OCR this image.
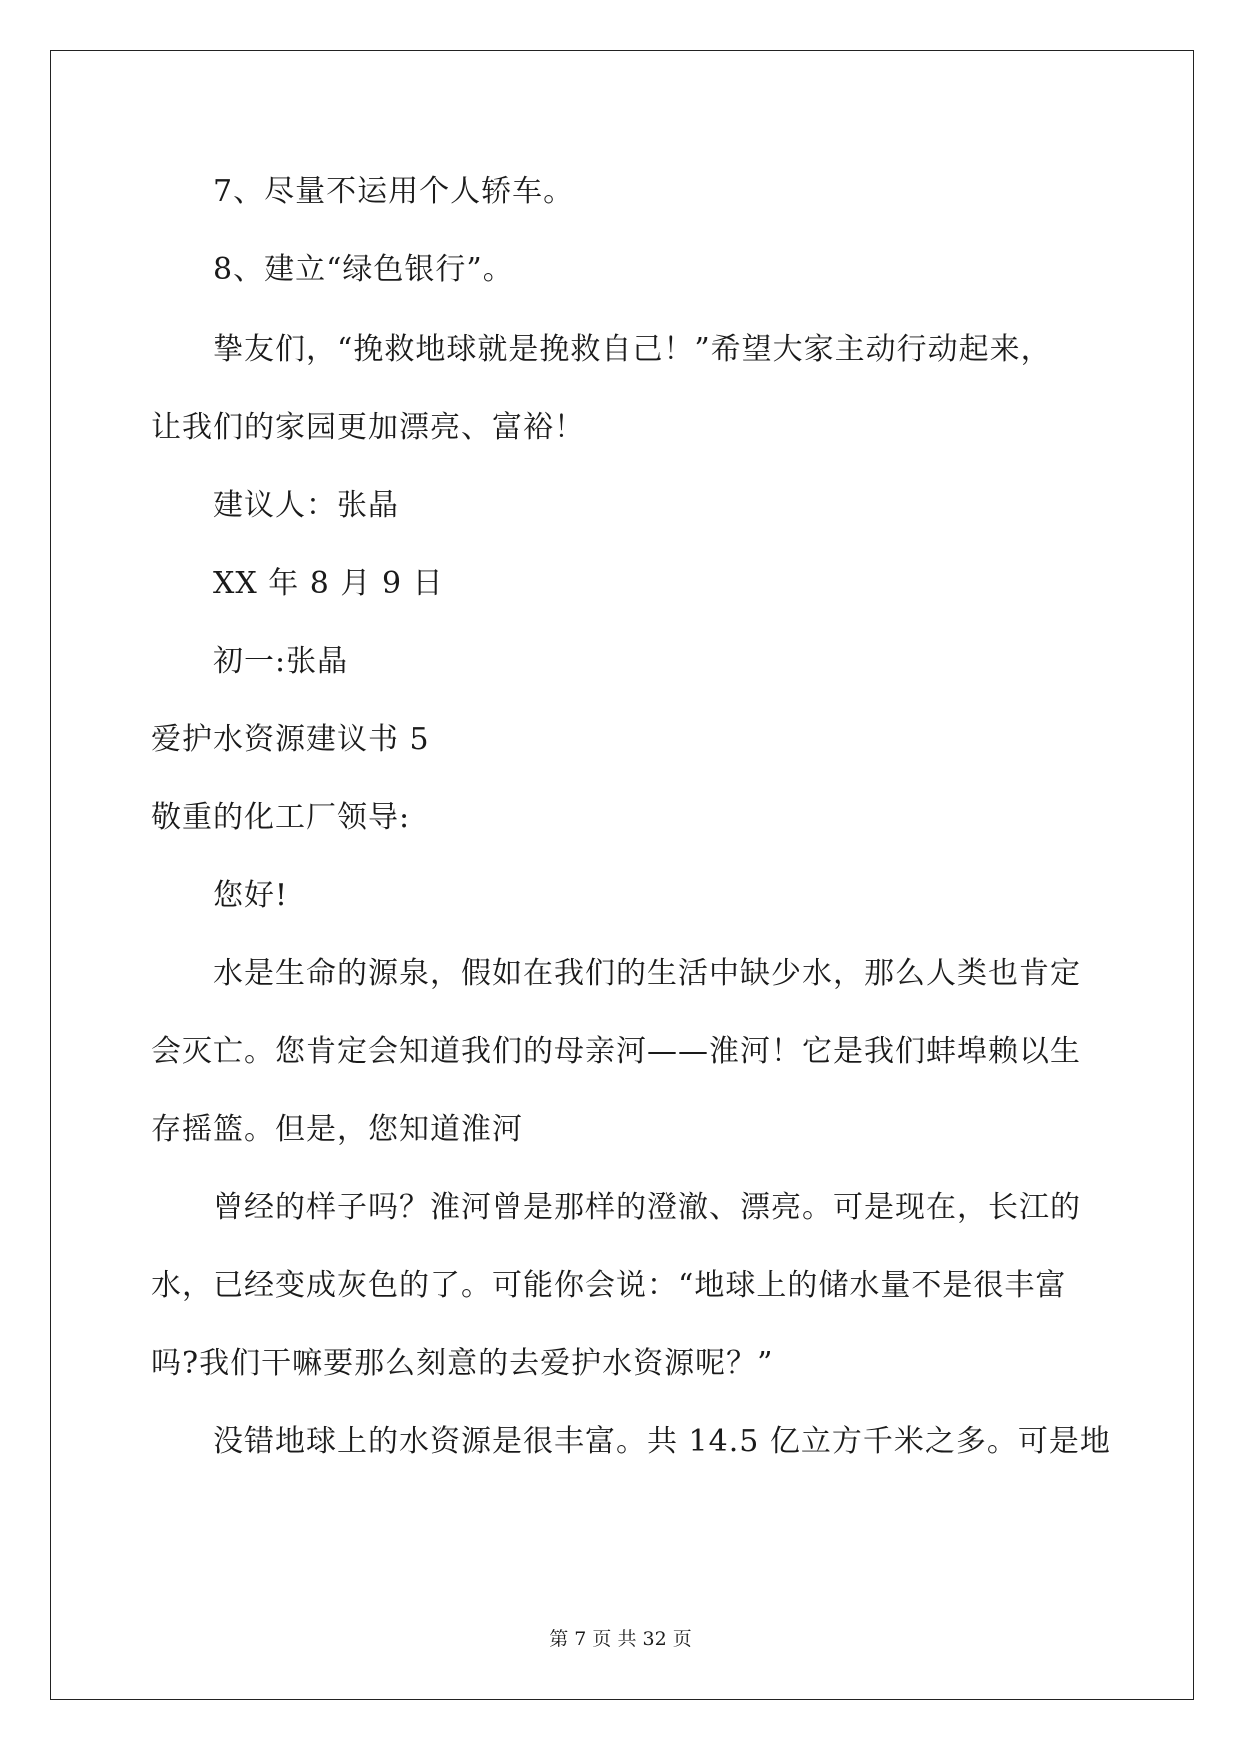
7、尽量不运用个人轿车。

8、建立“绿色银行”。

挚友们，“挽救地球就是挽救自己！”希望大家主动行动起来，

让我们的家园更加漂亮、富裕！

建议人：张晶

XX 年 8 月 9 日

初一:张晶

爱护水资源建议书 5

敬重的化工厂领导:

您好!

水是生命的源泉，假如在我们的生活中缺少水，那么人类也肯定

会灭亡。您肯定会知道我们的母亲河——淮河！它是我们蚌埠赖以生

存摇篮。但是，您知道淮河

曾经的样子吗？淮河曾是那样的澄澈、漂亮。可是现在，长江的

水，已经变成灰色的了。可能你会说：“地球上的储水量不是很丰富

吗?我们干嘛要那么刻意的去爱护水资源呢？”

没错地球上的水资源是很丰富。共 14.5 亿立方千米之多。可是地

第 7 页 共 32 页
